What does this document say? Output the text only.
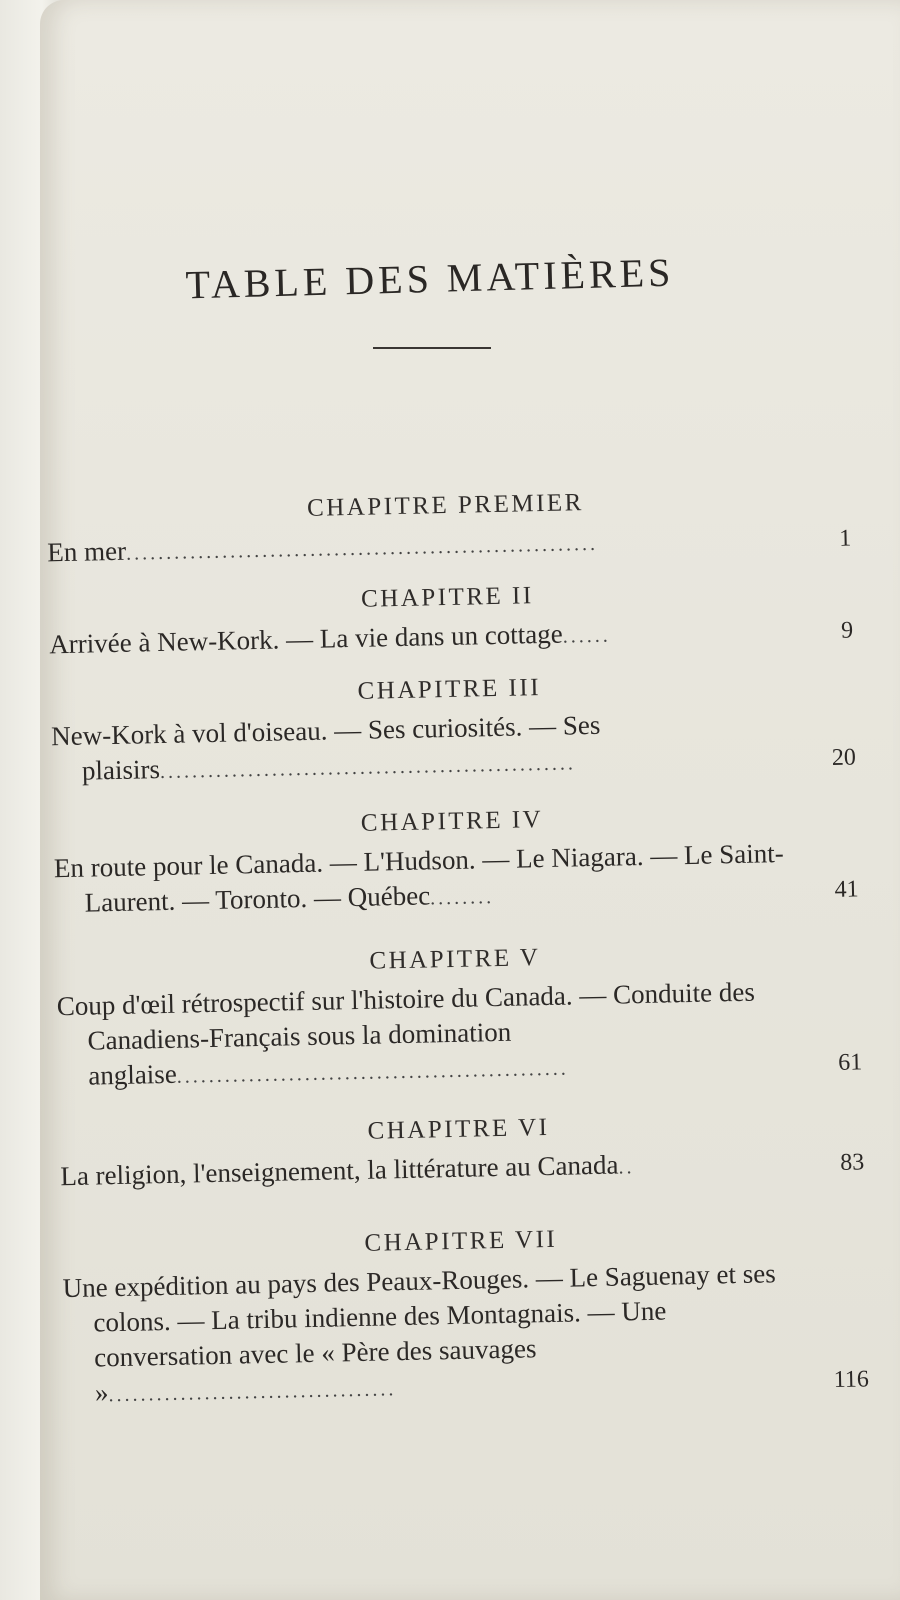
TABLE DES MATIÈRES
CHAPITRE PREMIER
En mer...........................................................	1
CHAPITRE II
Arrivée à New-Kork. — La vie dans un cottage......	9
CHAPITRE III
New-Kork à vol d'oiseau. — Ses curiosités. — Ses plaisirs....................................................	20
CHAPITRE IV
En route pour le Canada. — L'Hudson. — Le Niagara. — Le Saint-Laurent. — Toronto. — Québec........	41
CHAPITRE V
Coup d'œil rétrospectif sur l'histoire du Canada. — Conduite des Canadiens-Français sous la domination anglaise.................................................	61
CHAPITRE VI
La religion, l'enseignement, la littérature au Canada..	83
CHAPITRE VII
Une expédition au pays des Peaux-Rouges. — Le Saguenay et ses colons. — La tribu indienne des Montagnais. — Une conversation avec le « Père des sauvages »....................................	116
